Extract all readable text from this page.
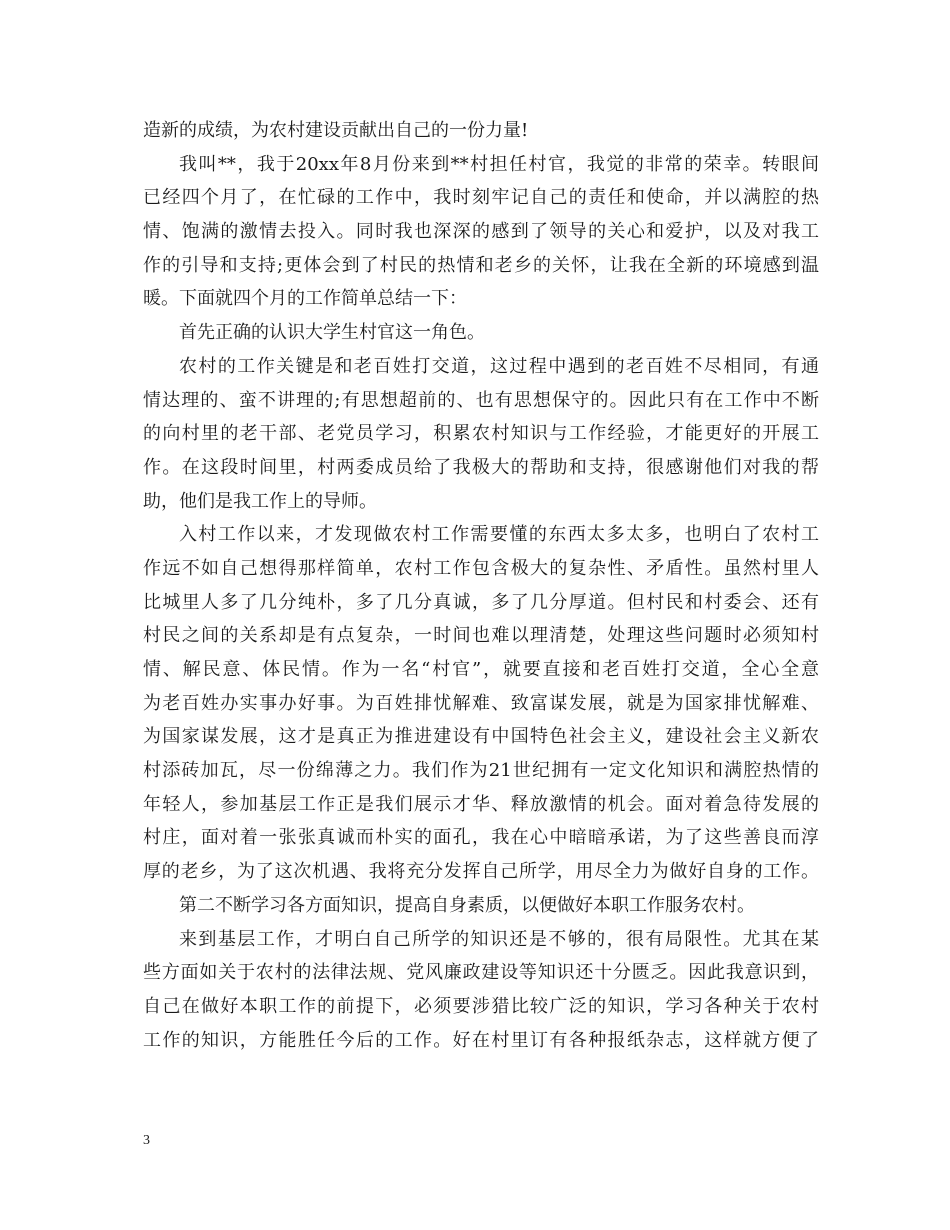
造新的成绩，为农村建设贡献出自己的一份力量!
我叫**，我于20xx年8月份来到**村担任村官，我觉的非常的荣幸。转眼间
已经四个月了，在忙碌的工作中，我时刻牢记自己的责任和使命，并以满腔的热
情、饱满的激情去投入。同时我也深深的感到了领导的关心和爱护，以及对我工
作的引导和支持;更体会到了村民的热情和老乡的关怀，让我在全新的环境感到温
暖。下面就四个月的工作简单总结一下：
首先正确的认识大学生村官这一角色。
农村的工作关键是和老百姓打交道，这过程中遇到的老百姓不尽相同，有通
情达理的、蛮不讲理的;有思想超前的、也有思想保守的。因此只有在工作中不断
的向村里的老干部、老党员学习，积累农村知识与工作经验，才能更好的开展工
作。在这段时间里，村两委成员给了我极大的帮助和支持，很感谢他们对我的帮
助，他们是我工作上的导师。
入村工作以来，才发现做农村工作需要懂的东西太多太多，也明白了农村工
作远不如自己想得那样简单，农村工作包含极大的复杂性、矛盾性。虽然村里人
比城里人多了几分纯朴，多了几分真诚，多了几分厚道。但村民和村委会、还有
村民之间的关系却是有点复杂，一时间也难以理清楚，处理这些问题时必须知村
情、解民意、体民情。作为一名“村官”，就要直接和老百姓打交道，全心全意
为老百姓办实事办好事。为百姓排忧解难、致富谋发展，就是为国家排忧解难、
为国家谋发展，这才是真正为推进建设有中国特色社会主义，建设社会主义新农
村添砖加瓦，尽一份绵薄之力。我们作为21世纪拥有一定文化知识和满腔热情的
年轻人，参加基层工作正是我们展示才华、释放激情的机会。面对着急待发展的
村庄，面对着一张张真诚而朴实的面孔，我在心中暗暗承诺，为了这些善良而淳
厚的老乡，为了这次机遇、我将充分发挥自己所学，用尽全力为做好自身的工作。
第二不断学习各方面知识，提高自身素质，以便做好本职工作服务农村。
来到基层工作，才明白自己所学的知识还是不够的，很有局限性。尤其在某
些方面如关于农村的法律法规、党风廉政建设等知识还十分匮乏。因此我意识到，
自己在做好本职工作的前提下，必须要涉猎比较广泛的知识，学习各种关于农村
工作的知识，方能胜任今后的工作。好在村里订有各种报纸杂志，这样就方便了
3
